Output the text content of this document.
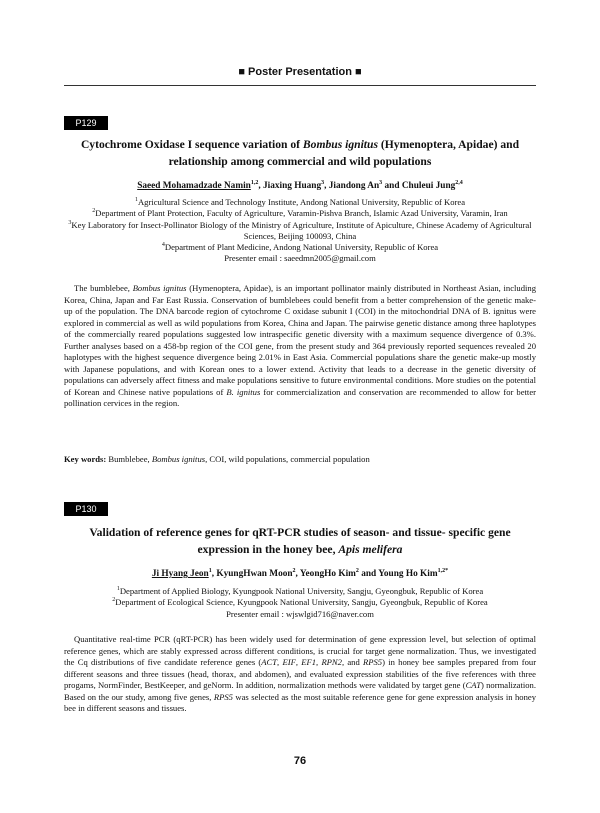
■ Poster Presentation ■
P129
Cytochrome Oxidase I sequence variation of Bombus ignitus (Hymenoptera, Apidae) and
relationship among commercial and wild populations
Saeed Mohamadzade Namin$^{1,2}$, Jiaxing Huang$^3$, Jiandong An$^3$ and Chuleui Jung$^{2,4}$
$^1$Agricultural Science and Technology Institute, Andong National University, Republic of Korea
$^2$Department of Plant Protection, Faculty of Agriculture, Varamin-Pishva Branch, Islamic Azad University, Varamin, Iran
$^3$Key Laboratory for Insect-Pollinator Biology of the Ministry of Agriculture, Institute of Apiculture, Chinese Academy of Agricultural Sciences, Beijing 100093, China
$^4$Department of Plant Medicine, Andong National University, Republic of Korea
Presenter email : saeedmn2005@gmail.com

The bumblebee, Bombus ignitus (Hymenoptera, Apidae), is an important pollinator mainly distributed in Northeast Asian, including Korea, China, Japan and Far East Russia. Conservation of bumblebees could benefit from a better comprehension of the genetic make-up of the population. The DNA barcode region of cytochrome C oxidase subunit I (COI) in the mitochondrial DNA of B. ignitus were explored in commercial as well as wild populations from Korea, China and Japan. The pairwise genetic distance among three haplotypes of the commercially reared populations suggested low intraspecific genetic diversity with a maximum sequence divergence of 0.3%. Further analyses based on a 458-bp region of the COI gene, from the present study and 364 previously reported sequences revealed 20 haplotypes with the highest sequence divergence being 2.01% in East Asia. Commercial populations share the genetic make-up mostly with Japanese populations, and with Korean ones to a lower extend. Activity that leads to a decrease in the genetic diversity of populations can adversely affect fitness and make populations sensitive to future environmental conditions. More studies on the potential of Korean and Chinese native populations of B. ignitus for commercialization and conservation are recommended to allow for better pollination cervices in the region.

Key words: Bumblebee, Bombus ignitus, COI, wild populations, commercial population
P130
Validation of reference genes for qRT-PCR studies of season- and tissue- specific gene
expression in the honey bee, Apis melifera
Ji Hyang Jeon$^1$, KyungHwan Moon$^2$, YeongHo Kim$^2$ and Young Ho Kim$^{1,2*}$
$^1$Department of Applied Biology, Kyungpook National University, Sangju, Gyeongbuk, Republic of Korea
$^2$Department of Ecological Science, Kyungpook National University, Sangju, Gyeongbuk, Republic of Korea
Presenter email : wjswlgid716@naver.com

Quantitative real-time PCR (qRT-PCR) has been widely used for determination of gene expression level, but selection of optimal reference genes, which are stably expressed across different conditions, is crucial for target gene normalization. Thus, we investigated the Cq distributions of five candidate reference genes (ACT, EIF, EF1, RPN2, and RPS5) in honey bee samples prepared from four different seasons and three tissues (head, thorax, and abdomen), and evaluated expression stabilities of the five references with three progams, NormFinder, BestKeeper, and geNorm. In addition, normalization methods were validated by target gene (CAT) normalization. Based on the our study, among five genes, RPS5 was selected as the most suitable reference gene for gene expression analysis in honey bee in different seasons and tissues.

76
